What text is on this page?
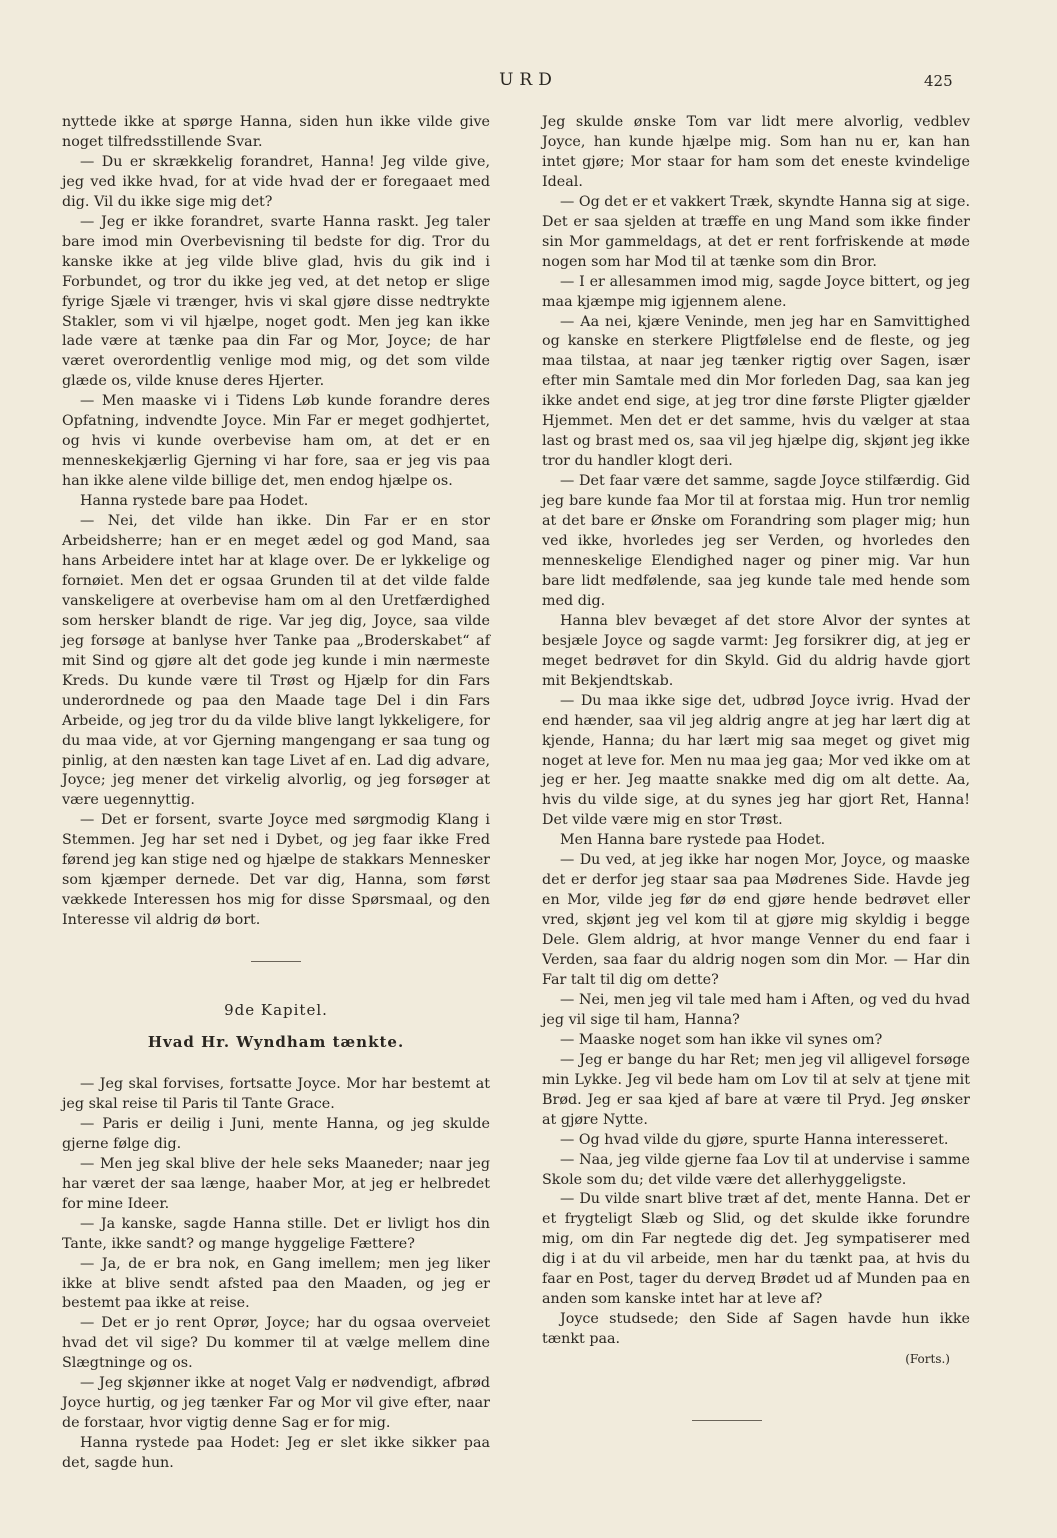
URD	425

nyttede ikke at spørge Hanna, siden hun ikke vilde give noget tilfredsstillende Svar.

— Du er skrækkelig forandret, Hanna! Jeg vilde give, jeg ved ikke hvad, for at vide hvad der er foregaaet med dig. Vil du ikke sige mig det?

— Jeg er ikke forandret, svarte Hanna raskt. Jeg taler bare imod min Overbevisning til bedste for dig. Tror du kanske ikke at jeg vilde blive glad, hvis du gik ind i Forbundet, og tror du ikke jeg ved, at det netop er slige fyrige Sjæle vi trænger, hvis vi skal gjøre disse nedtrykte Stakler, som vi vil hjælpe, noget godt. Men jeg kan ikke lade være at tænke paa din Far og Mor, Joyce; de har været overordentlig venlige mod mig, og det som vilde glæde os, vilde knuse deres Hjerter.

— Men maaske vi i Tidens Løb kunde forandre deres Opfatning, indvendte Joyce. Min Far er meget godhjertet, og hvis vi kunde overbevise ham om, at det er en menneskekjærlig Gjerning vi har fore, saa er jeg vis paa han ikke alene vilde billige det, men endog hjælpe os.

Hanna rystede bare paa Hodet.

— Nei, det vilde han ikke. Din Far er en stor Arbeidsherre; han er en meget ædel og god Mand, saa hans Arbeidere intet har at klage over. De er lykkelige og fornøiet. Men det er ogsaa Grunden til at det vilde falde vanskeligere at overbevise ham om al den Uretfærdighed som hersker blandt de rige. Var jeg dig, Joyce, saa vilde jeg forsøge at banlyse hver Tanke paa „Broderskabet“ af mit Sind og gjøre alt det gode jeg kunde i min nærmeste Kreds. Du kunde være til Trøst og Hjælp for din Fars underordnede og paa den Maade tage Del i din Fars Arbeide, og jeg tror du da vilde blive langt lykkeligere, for du maa vide, at vor Gjerning mangengang er saa tung og pinlig, at den næsten kan tage Livet af en. Lad dig advare, Joyce; jeg mener det virkelig alvorlig, og jeg forsøger at være uegennyttig.

— Det er forsent, svarte Joyce med sørgmodig Klang i Stemmen. Jeg har set ned i Dybet, og jeg faar ikke Fred førend jeg kan stige ned og hjælpe de stakkars Mennesker som kjæmper dernede. Det var dig, Hanna, som først vækkede Interessen hos mig for disse Spørsmaal, og den Interesse vil aldrig dø bort.

9de Kapitel.
Hvad Hr. Wyndham tænkte.

— Jeg skal forvises, fortsatte Joyce. Mor har bestemt at jeg skal reise til Paris til Tante Grace.

— Paris er deilig i Juni, mente Hanna, og jeg skulde gjerne følge dig.

— Men jeg skal blive der hele seks Maaneder; naar jeg har været der saa længe, haaber Mor, at jeg er helbredet for mine Ideer.

— Ja kanske, sagde Hanna stille. Det er livligt hos din Tante, ikke sandt? og mange hyggelige Fættere?

— Ja, de er bra nok, en Gang imellem; men jeg liker ikke at blive sendt afsted paa den Maaden, og jeg er bestemt paa ikke at reise.

— Det er jo rent Oprør, Joyce; har du ogsaa overveiet hvad det vil sige? Du kommer til at vælge mellem dine Slægtninge og os.

— Jeg skjønner ikke at noget Valg er nødvendigt, afbrød Joyce hurtig, og jeg tænker Far og Mor vil give efter, naar de forstaar, hvor vigtig denne Sag er for mig.

Hanna rystede paa Hodet: Jeg er slet ikke sikker paa det, sagde hun.

Jeg skulde ønske Tom var lidt mere alvorlig, vedblev Joyce, han kunde hjælpe mig. Som han nu er, kan han intet gjøre; Mor staar for ham som det eneste kvindelige Ideal.

— Og det er et vakkert Træk, skyndte Hanna sig at sige. Det er saa sjelden at træffe en ung Mand som ikke finder sin Mor gammeldags, at det er rent forfriskende at møde nogen som har Mod til at tænke som din Bror.

— I er allesammen imod mig, sagde Joyce bittert, og jeg maa kjæmpe mig igjennem alene.

— Aa nei, kjære Veninde, men jeg har en Samvittighed og kanske en sterkere Pligtfølelse end de fleste, og jeg maa tilstaa, at naar jeg tænker rigtig over Sagen, især efter min Samtale med din Mor forleden Dag, saa kan jeg ikke andet end sige, at jeg tror dine første Pligter gjælder Hjemmet. Men det er det samme, hvis du vælger at staa last og brast med os, saa vil jeg hjælpe dig, skjønt jeg ikke tror du handler klogt deri.

— Det faar være det samme, sagde Joyce stilfærdig. Gid jeg bare kunde faa Mor til at forstaa mig. Hun tror nemlig at det bare er Ønske om Forandring som plager mig; hun ved ikke, hvorledes jeg ser Verden, og hvorledes den menneskelige Elendighed nager og piner mig. Var hun bare lidt medfølende, saa jeg kunde tale med hende som med dig.

Hanna blev bevæget af det store Alvor der syntes at besjæle Joyce og sagde varmt: Jeg forsikrer dig, at jeg er meget bedrøvet for din Skyld. Gid du aldrig havde gjort mit Bekjendtskab.

— Du maa ikke sige det, udbrød Joyce ivrig. Hvad der end hænder, saa vil jeg aldrig angre at jeg har lært dig at kjende, Hanna; du har lært mig saa meget og givet mig noget at leve for. Men nu maa jeg gaa; Mor ved ikke om at jeg er her. Jeg maatte snakke med dig om alt dette. Aa, hvis du vilde sige, at du synes jeg har gjort Ret, Hanna! Det vilde være mig en stor Trøst.

Men Hanna bare rystede paa Hodet.

— Du ved, at jeg ikke har nogen Mor, Joyce, og maaske det er derfor jeg staar saa paa Mødrenes Side. Havde jeg en Mor, vilde jeg før dø end gjøre hende bedrøvet eller vred, skjønt jeg vel kom til at gjøre mig skyldig i begge Dele. Glem aldrig, at hvor mange Venner du end faar i Verden, saa faar du aldrig nogen som din Mor. — Har din Far talt til dig om dette?

— Nei, men jeg vil tale med ham i Aften, og ved du hvad jeg vil sige til ham, Hanna?

— Maaske noget som han ikke vil synes om?

— Jeg er bange du har Ret; men jeg vil alligevel forsøge min Lykke. Jeg vil bede ham om Lov til at selv at tjene mit Brød. Jeg er saa kjed af bare at være til Pryd. Jeg ønsker at gjøre Nytte.

— Og hvad vilde du gjøre, spurte Hanna interesseret.

— Naa, jeg vilde gjerne faa Lov til at undervise i samme Skole som du; det vilde være det allerhyggeligste.

— Du vilde snart blive træt af det, mente Hanna. Det er et frygteligt Slæb og Slid, og det skulde ikke forundre mig, om din Far negtede dig det. Jeg sympatiserer med dig i at du vil arbeide, men har du tænkt paa, at hvis du faar en Post, tager du dervед Brødet ud af Munden paa en anden som kanske intet har at leve af?

Joyce studsede; den Side af Sagen havde hun ikke tænkt paa.

(Forts.)
